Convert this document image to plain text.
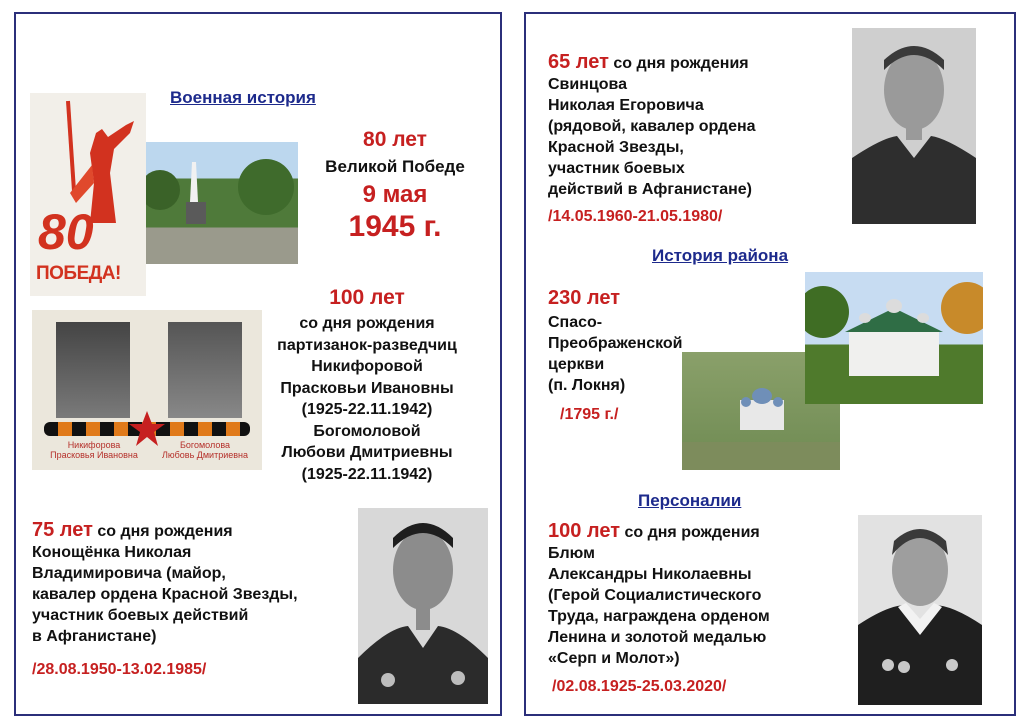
Военная история
80
ПОБЕДА!
80 лет
Великой Победе
9 мая
1945 г.
Никифорова
Прасковья Ивановна
Богомолова
Любовь Дмитриевна
100 лет
со дня рождения
партизанок-разведчиц
Никифоровой
Прасковьи Ивановны
(1925-22.11.1942)
Богомоловой
Любови Дмитриевны
(1925-22.11.1942)
75 лет со дня рождения
Конощёнка Николая
Владимировича (майор,
кавалер ордена Красной Звезды,
участник боевых действий
в Афганистане)
/28.08.1950-13.02.1985/
65 лет со дня рождения
Свинцова
Николая Егоровича
(рядовой, кавалер ордена
Красной Звезды,
участник боевых
действий в Афганистане)
/14.05.1960-21.05.1980/
История района
230 лет
Спасо-
Преображенской
церкви
(п. Локня)
/1795 г./
Персоналии
100 лет со дня рождения
Блюм
Александры Николаевны
(Герой Социалистического
Труда, награждена орденом
Ленина и золотой медалью
«Серп и Молот»)
/02.08.1925-25.03.2020/
